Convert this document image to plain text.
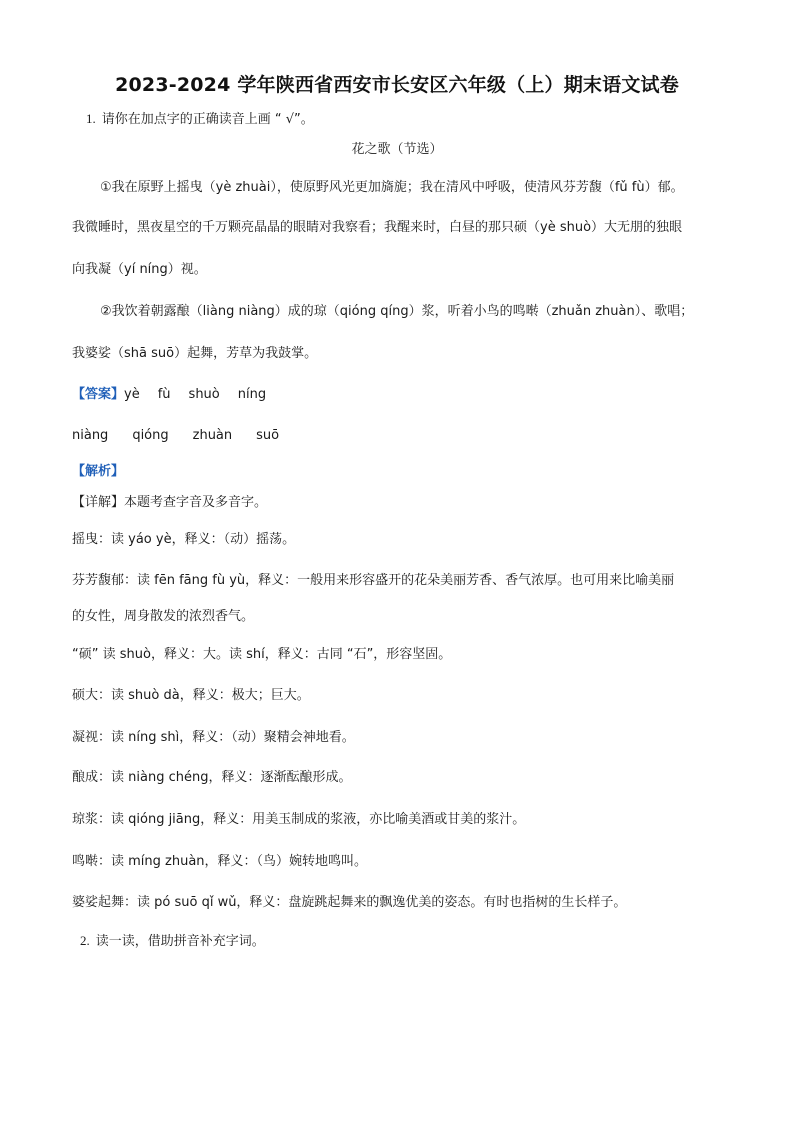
2023-2024 学年陕西省西安市长安区六年级（上）期末语文试卷
1. 请你在加点字的正确读音上画 “ √”。
花之歌（节选）
①我在原野上摇曳（yè zhuài），使原野风光更加旖旎；我在清风中呼吸，使清风芬芳馥（fǔ fù）郁。
我微睡时，黑夜星空的千万颗亮晶晶的眼睛对我察看；我醒来时，白昼的那只硕（yè shuò）大无朋的独眼
向我凝（yí níng）视。
②我饮着朝露酿（liàng niàng）成的琼（qióng qíng）浆，听着小鸟的鸣啭（zhuǎn zhuàn）、歌唱；
我婆娑（shā suō）起舞，芳草为我鼓掌。
【答案】yè fù shuò níng
niàng qióng zhuàn suō
【解析】
【详解】本题考查字音及多音字。
摇曳：读 yáo yè，释义：（动）摇荡。
芬芳馥郁：读 fēn fāng fù yù，释义：一般用来形容盛开的花朵美丽芳香、香气浓厚。也可用来比喻美丽
的女性，周身散发的浓烈香气。
“硕” 读 shuò，释义：大。读 shí，释义：古同 “石”，形容坚固。
硕大：读 shuò dà，释义：极大；巨大。
凝视：读 níng shì，释义：（动）聚精会神地看。
酿成：读 niàng chéng，释义：逐渐酝酿形成。
琼浆：读 qióng jiāng，释义：用美玉制成的浆液，亦比喻美酒或甘美的浆汁。
鸣啭：读 míng zhuàn，释义：（鸟）婉转地鸣叫。
婆娑起舞：读 pó suō qǐ wǔ，释义：盘旋跳起舞来的飘逸优美的姿态。有时也指树的生长样子。
2. 读一读，借助拼音补充字词。
